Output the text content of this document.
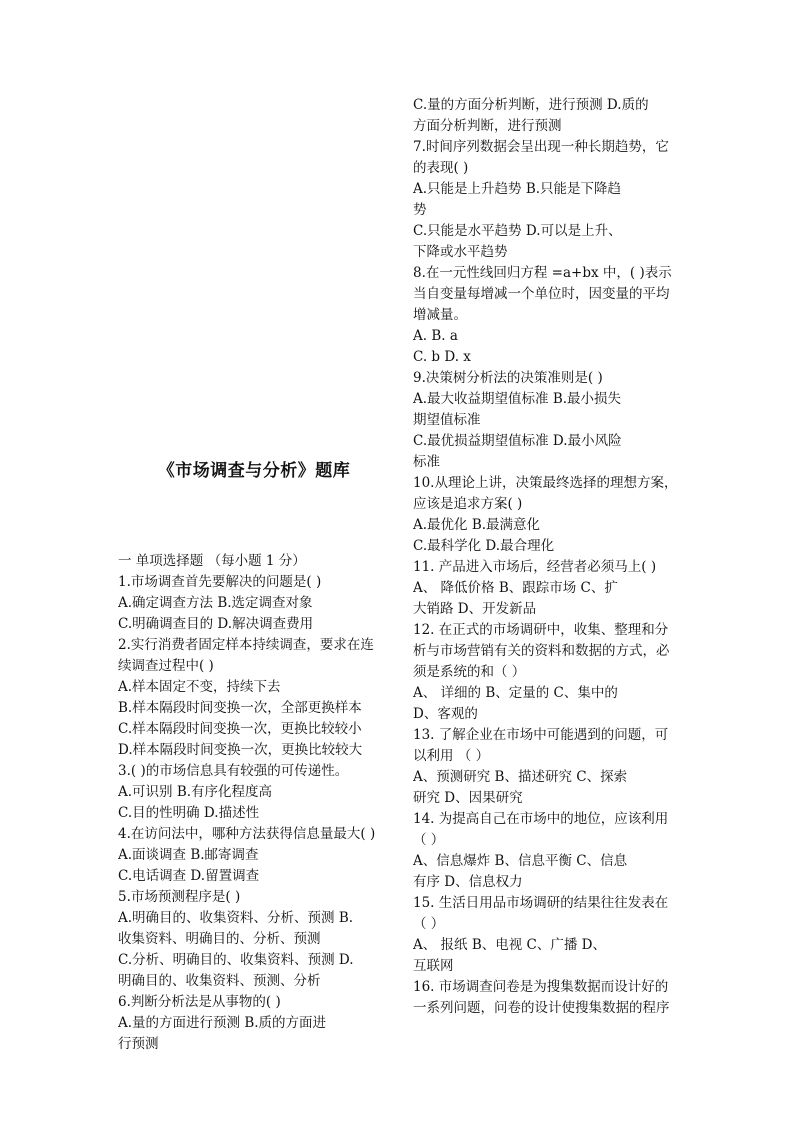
《市场调查与分析》题库
一 单项选择题 （每小题 1 分）
1.市场调查首先要解决的问题是( )
A.确定调查方法 B.选定调查对象
C.明确调查目的 D.解决调查费用
2.实行消费者固定样本持续调查，要求在连
续调查过程中( )
A.样本固定不变，持续下去
B.样本隔段时间变换一次，全部更换样本
C.样本隔段时间变换一次，更换比较较小
D.样本隔段时间变换一次，更换比较较大
3.( )的市场信息具有较强的可传递性。
A.可识别 B.有序化程度高
C.目的性明确 D.描述性
4.在访问法中，哪种方法获得信息量最大( )
A.面谈调查 B.邮寄调查
C.电话调查 D.留置调查
5.市场预测程序是( )
A.明确目的、收集资料、分析、预测 B.
收集资料、明确目的、分析、预测
C.分析、明确目的、收集资料、预测 D.
明确目的、收集资料、预测、分析
6.判断分析法是从事物的( )
A.量的方面进行预测 B.质的方面进
行预测
C.量的方面分析判断，进行预测 D.质的
方面分析判断，进行预测
7.时间序列数据会呈出现一种长期趋势，它
的表现( )
A.只能是上升趋势 B.只能是下降趋
势
C.只能是水平趋势 D.可以是上升、
下降或水平趋势
8.在一元性线回归方程 =a+bx 中，( )表示
当自变量每增减一个单位时，因变量的平均
增减量。
A. B. a
C. b D. x
9.决策树分析法的决策准则是( )
A.最大收益期望值标准 B.最小损失
期望值标准
C.最优损益期望值标准 D.最小风险
标准
10.从理论上讲，决策最终选择的理想方案，
应该是追求方案( )
A.最优化 B.最满意化
C.最科学化 D.最合理化
11. 产品进入市场后，经营者必须马上( )
A、 降低价格 B、跟踪市场 C、扩
大销路 D、开发新品
12. 在正式的市场调研中，收集、整理和分
析与市场营销有关的资料和数据的方式，必
须是系统的和（ ）
A、 详细的 B、定量的 C、集中的
D、客观的
13. 了解企业在市场中可能遇到的问题，可
以利用 （ ）
A、预测研究 B、描述研究 C、探索
研究 D、因果研究
14. 为提高自己在市场中的地位，应该利用
（ ）
A、信息爆炸 B、信息平衡 C、信息
有序 D、信息权力
15. 生活日用品市场调研的结果往往发表在
（ ）
A、 报纸 B、电视 C、广播 D、
互联网
16. 市场调查问卷是为搜集数据而设计好的
一系列问题，问卷的设计使搜集数据的程序
